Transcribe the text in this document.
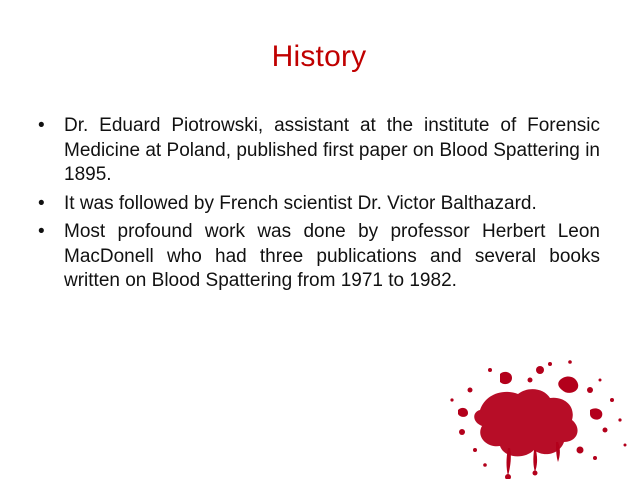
History
•	Dr. Eduard Piotrowski, assistant at the institute of Forensic Medicine at Poland, published first paper on Blood Spattering in 1895.
•	It was followed by French scientist Dr. Victor Balthazard.
•	Most profound work was done by professor Herbert Leon MacDonell who had three publications and several books written on Blood Spattering from 1971 to 1982.
